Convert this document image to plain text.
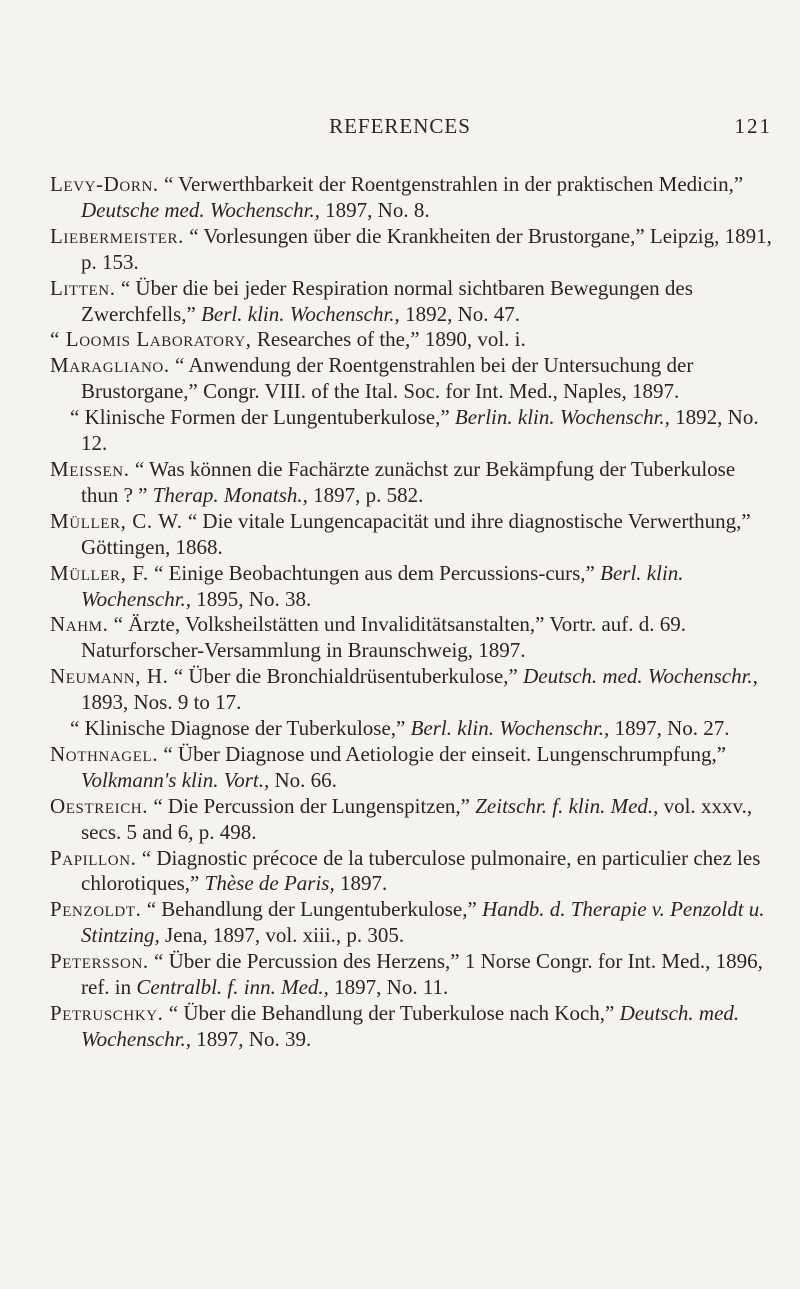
REFERENCES	121
Levy-Dorn. “ Verwerthbarkeit der Roentgenstrahlen in der praktischen Medicin,” Deutsche med. Wochenschr., 1897, No. 8.
Liebermeister. “ Vorlesungen über die Krankheiten der Brustorgane,” Leipzig, 1891, p. 153.
Litten. “ Über die bei jeder Respiration normal sichtbaren Bewegungen des Zwerchfells,” Berl. klin. Wochenschr., 1892, No. 47.
“ Loomis Laboratory, Researches of the,” 1890, vol. i.
Maragliano. “ Anwendung der Roentgenstrahlen bei der Untersuchung der Brustorgane,” Congr. VIII. of the Ital. Soc. for Int. Med., Naples, 1897.
“ Klinische Formen der Lungentuberkulose,” Berlin. klin. Wochenschr., 1892, No. 12.
Meissen. “ Was können die Fachärzte zunächst zur Bekämpfung der Tuberkulose thun ? ” Therap. Monatsh., 1897, p. 582.
Müller, C. W. “ Die vitale Lungencapacität und ihre diagnostische Verwerthung,” Göttingen, 1868.
Müller, F. “ Einige Beobachtungen aus dem Percussions-curs,” Berl. klin. Wochenschr., 1895, No. 38.
Nahm. “ Ärzte, Volksheilstätten und Invaliditätsanstalten,” Vortr. auf. d. 69. Naturforscher-Versammlung in Braunschweig, 1897.
Neumann, H. “ Über die Bronchialdrüsentuberkulose,” Deutsch. med. Wochenschr., 1893, Nos. 9 to 17.
“ Klinische Diagnose der Tuberkulose,” Berl. klin. Wochenschr., 1897, No. 27.
Nothnagel. “ Über Diagnose und Aetiologie der einseit. Lungenschrumpfung,” Volkmann's klin. Vort., No. 66.
Oestreich. “ Die Percussion der Lungenspitzen,” Zeitschr. f. klin. Med., vol. xxxv., secs. 5 and 6, p. 498.
Papillon. “ Diagnostic précoce de la tuberculose pulmonaire, en particulier chez les chlorotiques,” Thèse de Paris, 1897.
Penzoldt. “ Behandlung der Lungentuberkulose,” Handb. d. Therapie v. Penzoldt u. Stintzing, Jena, 1897, vol. xiii., p. 305.
Petersson. “ Über die Percussion des Herzens,” 1 Norse Congr. for Int. Med., 1896, ref. in Centralbl. f. inn. Med., 1897, No. 11.
Petruschky. “ Über die Behandlung der Tuberkulose nach Koch,” Deutsch. med. Wochenschr., 1897, No. 39.
